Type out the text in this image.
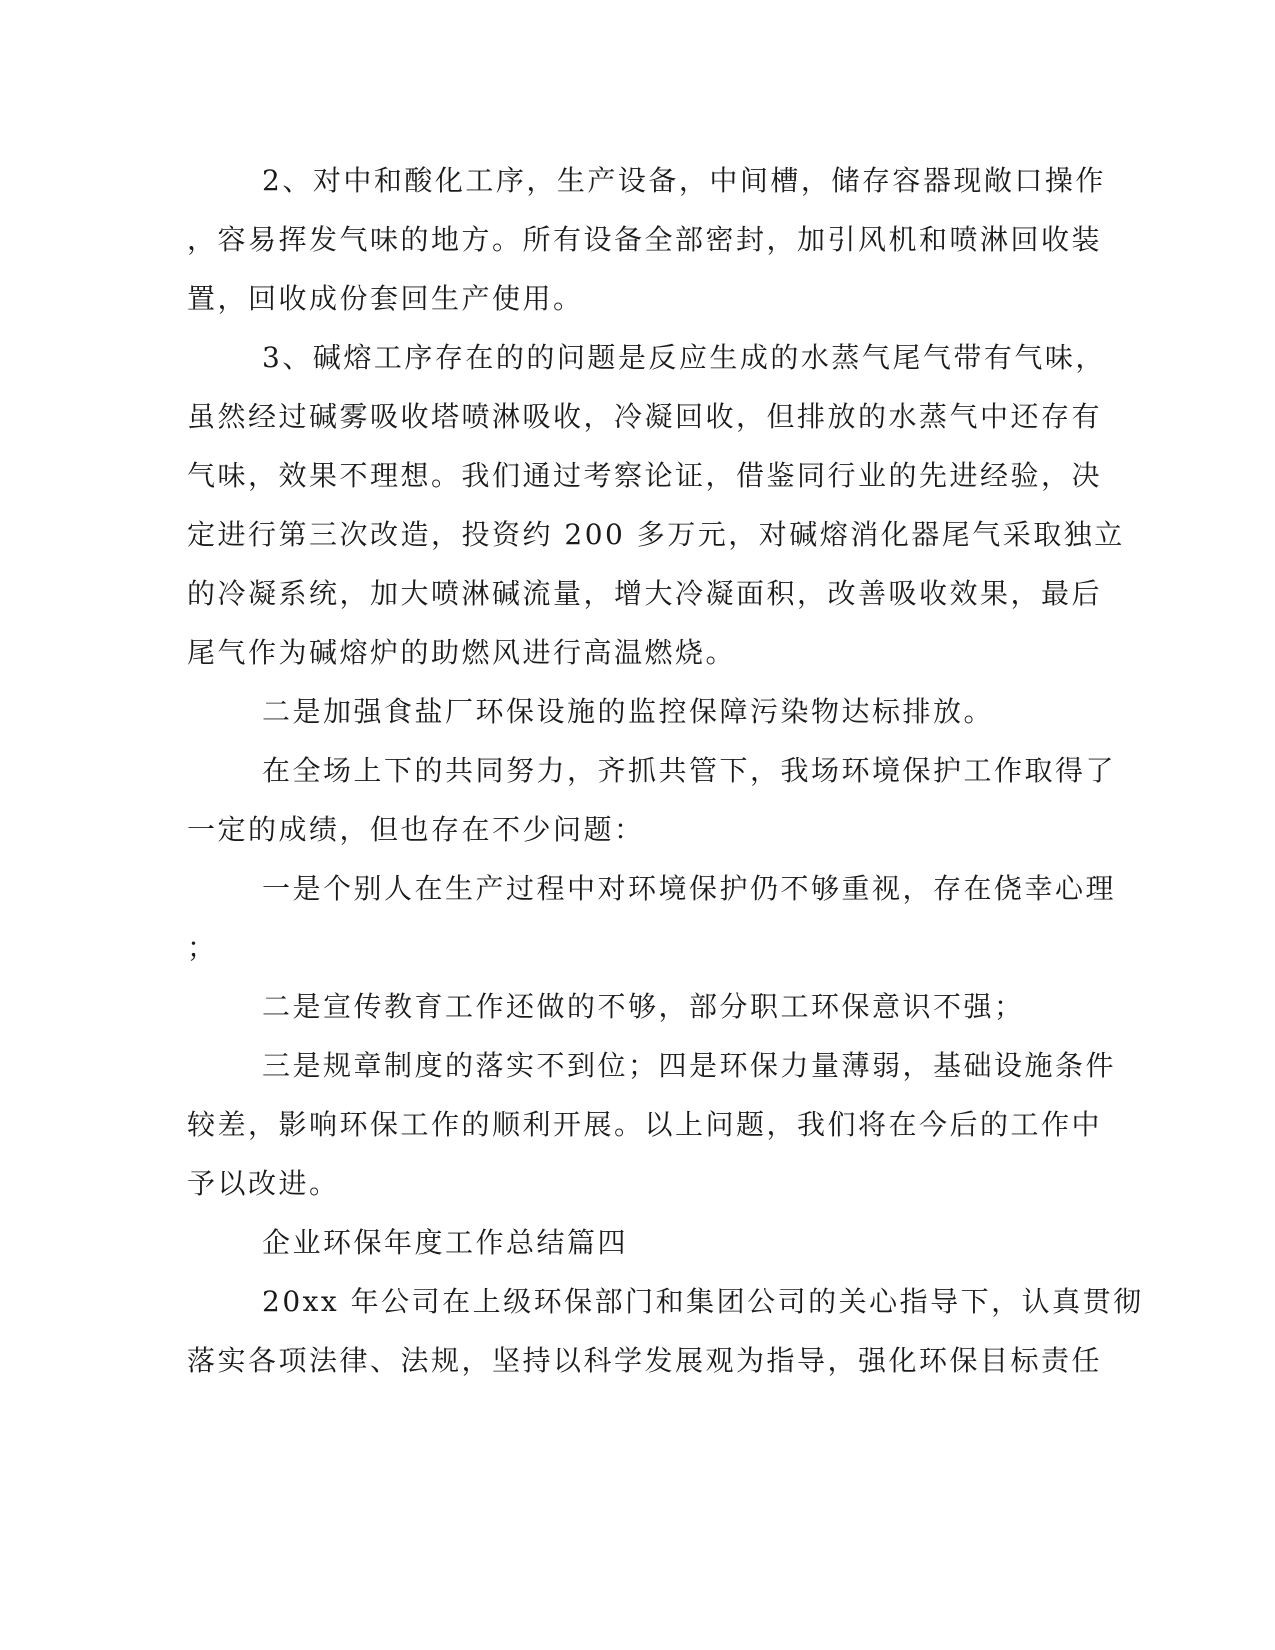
2、对中和酸化工序，生产设备，中间槽，储存容器现敞口操作

，容易挥发气味的地方。所有设备全部密封，加引风机和喷淋回收装

置，回收成份套回生产使用。

3、碱熔工序存在的的问题是反应生成的水蒸气尾气带有气味，

虽然经过碱雾吸收塔喷淋吸收，冷凝回收，但排放的水蒸气中还存有

气味，效果不理想。我们通过考察论证，借鉴同行业的先进经验，决

定进行第三次改造，投资约 200 多万元，对碱熔消化器尾气采取独立

的冷凝系统，加大喷淋碱流量，增大冷凝面积，改善吸收效果，最后

尾气作为碱熔炉的助燃风进行高温燃烧。

二是加强食盐厂环保设施的监控保障污染物达标排放。

在全场上下的共同努力，齐抓共管下，我场环境保护工作取得了

一定的成绩，但也存在不少问题：

一是个别人在生产过程中对环境保护仍不够重视，存在侥幸心理

；

二是宣传教育工作还做的不够，部分职工环保意识不强；

三是规章制度的落实不到位；四是环保力量薄弱，基础设施条件

较差，影响环保工作的顺利开展。以上问题，我们将在今后的工作中

予以改进。

企业环保年度工作总结篇四

20xx 年公司在上级环保部门和集团公司的关心指导下，认真贯彻

落实各项法律、法规，坚持以科学发展观为指导，强化环保目标责任
